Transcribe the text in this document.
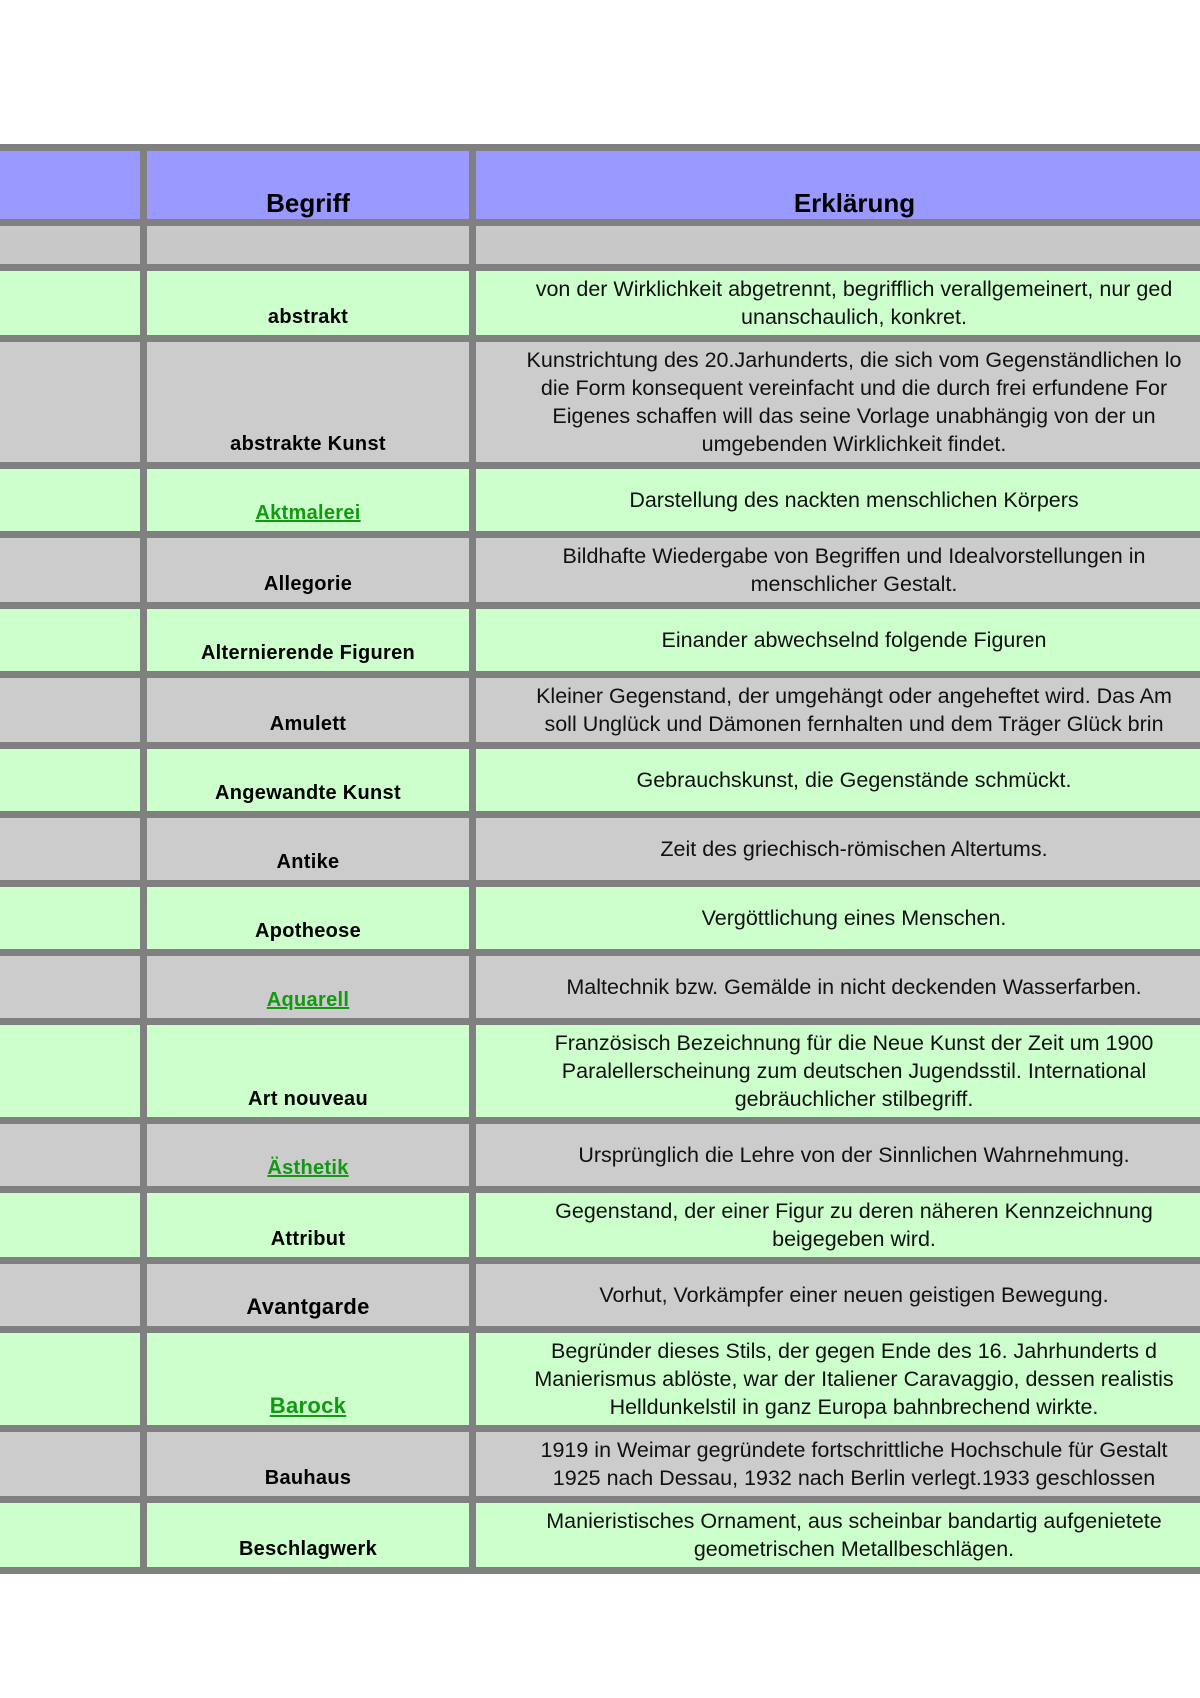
	Begriff	Erklärung

	abstrakt	von der Wirklichkeit abgetrennt, begrifflich verallgemeinert, nur ged
unanschaulich, konkret.

	abstrakte Kunst	Kunstrichtung des 20.Jarhunderts, die sich vom Gegenständlichen lo
die Form konsequent vereinfacht und die durch frei erfundene For
Eigenes schaffen will das seine Vorlage unabhängig von der un
umgebenden Wirklichkeit findet.

	Aktmalerei	Darstellung des nackten menschlichen Körpers

	Allegorie	Bildhafte Wiedergabe von Begriffen und Idealvorstellungen in
menschlicher Gestalt.

	Alternierende Figuren	Einander abwechselnd folgende Figuren

	Amulett	Kleiner Gegenstand, der umgehängt oder angeheftet wird. Das Am
soll Unglück und Dämonen fernhalten und dem Träger Glück brin

	Angewandte Kunst	Gebrauchskunst, die Gegenstände schmückt.

	Antike	Zeit des griechisch-römischen Altertums.

	Apotheose	Vergöttlichung eines Menschen.

	Aquarell	Maltechnik bzw. Gemälde in nicht deckenden Wasserfarben.

	Art nouveau	Französisch Bezeichnung für die Neue Kunst der Zeit um 1900
Paralellerscheinung zum deutschen Jugendsstil. International
gebräuchlicher stilbegriff.

	Ästhetik	Ursprünglich die Lehre von der Sinnlichen Wahrnehmung.

	Attribut	Gegenstand, der einer Figur zu deren näheren Kennzeichnung
beigegeben wird.

	Avantgarde	Vorhut, Vorkämpfer einer neuen geistigen Bewegung.

	Barock	Begründer dieses Stils, der gegen Ende des 16. Jahrhunderts d
Manierismus ablöste, war der Italiener Caravaggio, dessen realistis
Helldunkelstil in ganz Europa bahnbrechend wirkte.

	Bauhaus	1919 in Weimar gegründete fortschrittliche Hochschule für Gestalt
1925 nach Dessau, 1932 nach Berlin verlegt.1933 geschlossen

	Beschlagwerk	Manieristisches Ornament, aus scheinbar bandartig aufgenietete
geometrischen Metallbeschlägen.
